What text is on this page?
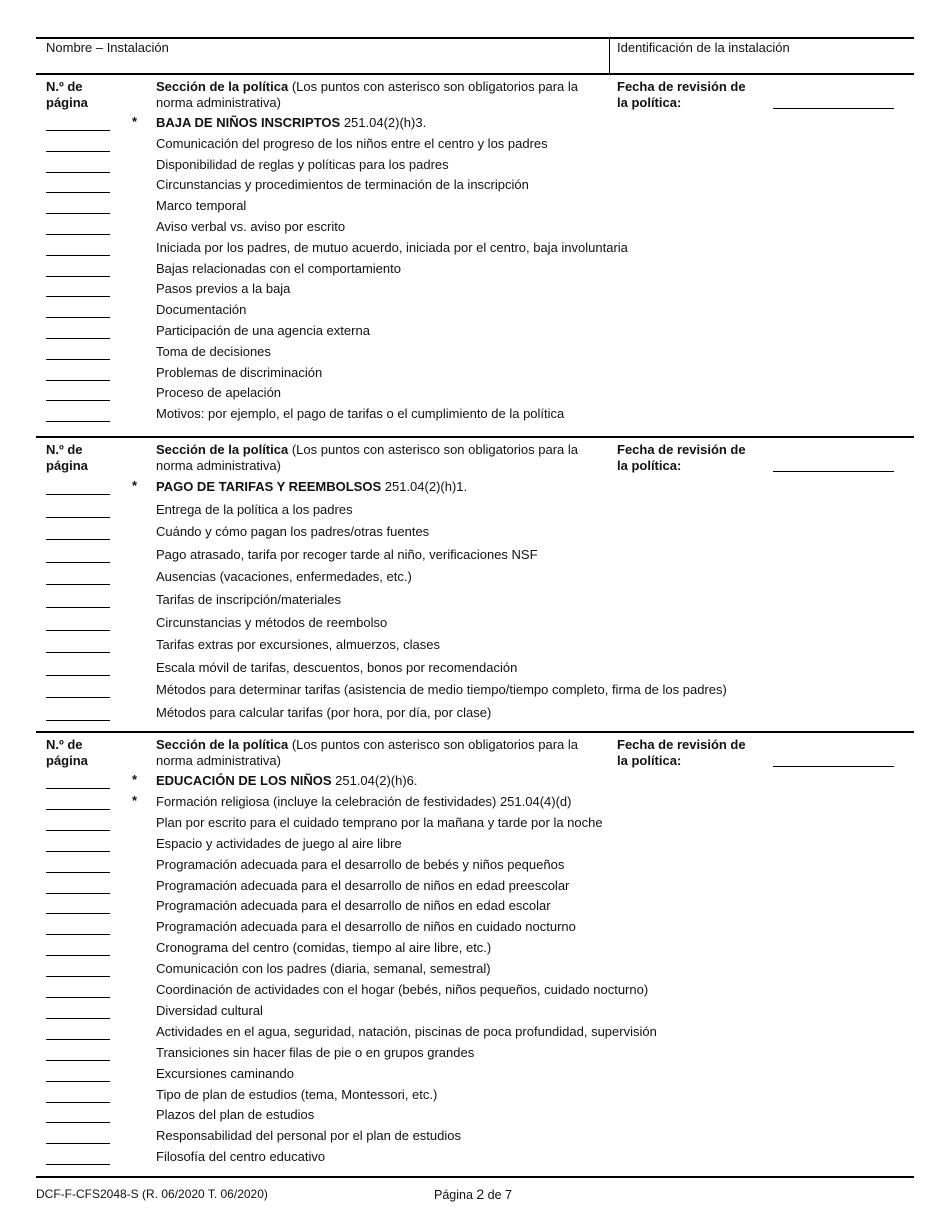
Nombre – Instalación	Identificación de la instalación
N.º de
página
Sección de la política (Los puntos con asterisco son obligatorios para la norma administrativa)
Fecha de revisión de
la política:
* BAJA DE NIÑOS INSCRIPTOS 251.04(2)(h)3.
Comunicación del progreso de los niños entre el centro y los padres
Disponibilidad de reglas y políticas para los padres
Circunstancias y procedimientos de terminación de la inscripción
Marco temporal
Aviso verbal vs. aviso por escrito
Iniciada por los padres, de mutuo acuerdo, iniciada por el centro, baja involuntaria
Bajas relacionadas con el comportamiento
Pasos previos a la baja
Documentación
Participación de una agencia externa
Toma de decisiones
Problemas de discriminación
Proceso de apelación
Motivos: por ejemplo, el pago de tarifas o el cumplimiento de la política
N.º de
página
Sección de la política (Los puntos con asterisco son obligatorios para la norma administrativa)
Fecha de revisión de
la política:
* PAGO DE TARIFAS Y REEMBOLSOS 251.04(2)(h)1.
Entrega de la política a los padres
Cuándo y cómo pagan los padres/otras fuentes
Pago atrasado, tarifa por recoger tarde al niño, verificaciones NSF
Ausencias (vacaciones, enfermedades, etc.)
Tarifas de inscripción/materiales
Circunstancias y métodos de reembolso
Tarifas extras por excursiones, almuerzos, clases
Escala móvil de tarifas, descuentos, bonos por recomendación
Métodos para determinar tarifas (asistencia de medio tiempo/tiempo completo, firma de los padres)
Métodos para calcular tarifas (por hora, por día, por clase)
N.º de
página
Sección de la política (Los puntos con asterisco son obligatorios para la norma administrativa)
Fecha de revisión de
la política:
* EDUCACIÓN DE LOS NIÑOS 251.04(2)(h)6.
* Formación religiosa (incluye la celebración de festividades) 251.04(4)(d)
Plan por escrito para el cuidado temprano por la mañana y tarde por la noche
Espacio y actividades de juego al aire libre
Programación adecuada para el desarrollo de bebés y niños pequeños
Programación adecuada para el desarrollo de niños en edad preescolar
Programación adecuada para el desarrollo de niños en edad escolar
Programación adecuada para el desarrollo de niños en cuidado nocturno
Cronograma del centro (comidas, tiempo al aire libre, etc.)
Comunicación con los padres (diaria, semanal, semestral)
Coordinación de actividades con el hogar (bebés, niños pequeños, cuidado nocturno)
Diversidad cultural
Actividades en el agua, seguridad, natación, piscinas de poca profundidad, supervisión
Transiciones sin hacer filas de pie o en grupos grandes
Excursiones caminando
Tipo de plan de estudios (tema, Montessori, etc.)
Plazos del plan de estudios
Responsabilidad del personal por el plan de estudios
Filosofía del centro educativo
DCF-F-CFS2048-S (R. 06/2020 T. 06/2020)	Página 2 de 7
